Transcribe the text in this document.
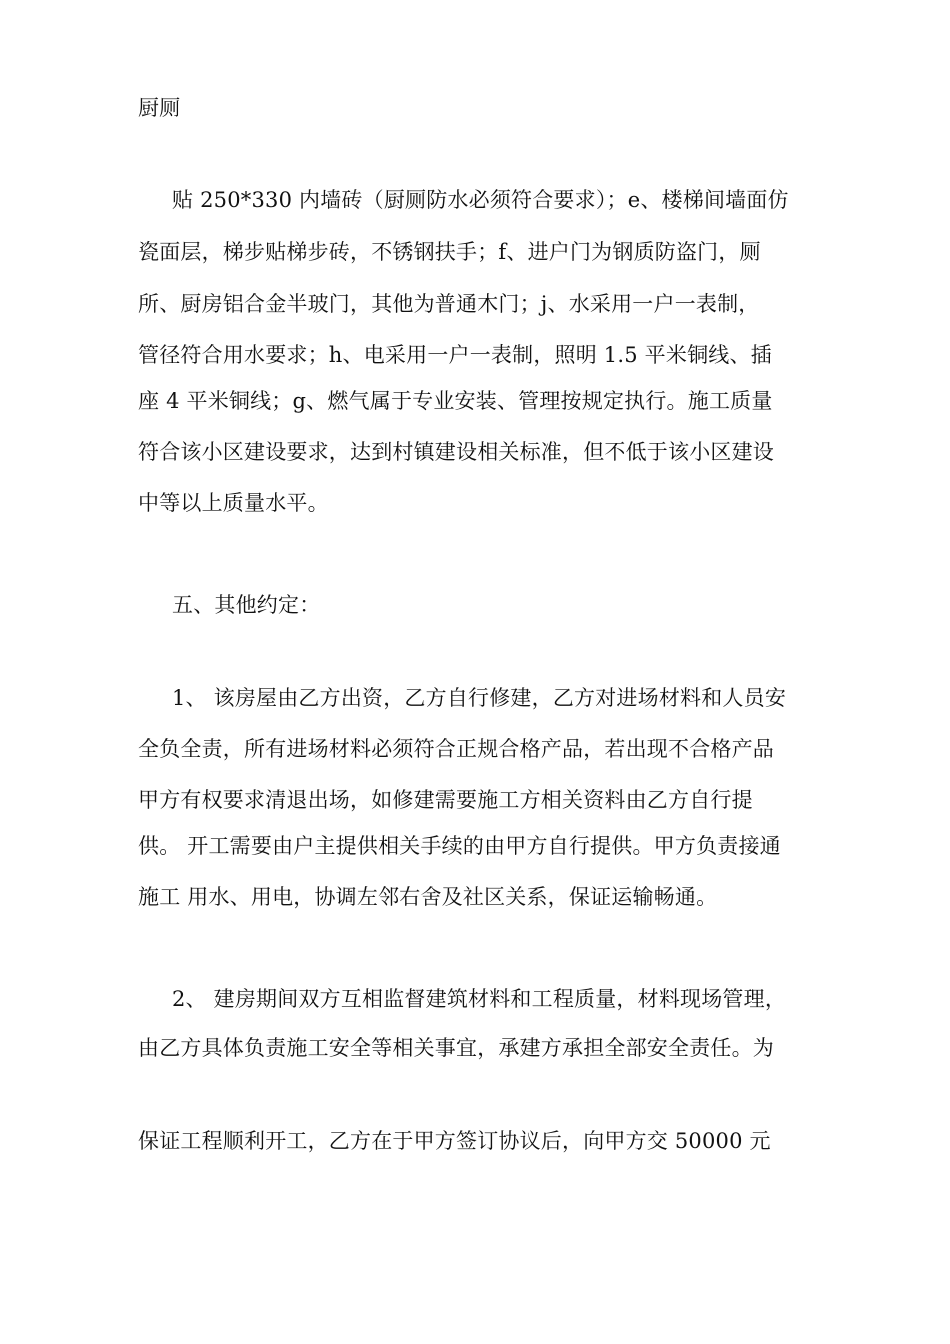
厨厕
贴 250*330 内墙砖（厨厕防水必须符合要求）；e、楼梯间墙面仿
瓷面层，梯步贴梯步砖，不锈钢扶手；f、进户门为钢质防盗门，厕
所、厨房铝合金半玻门，其他为普通木门；j、水采用一户一表制，
管径符合用水要求；h、电采用一户一表制，照明 1.5 平米铜线、插
座 4 平米铜线；g、燃气属于专业安装、管理按规定执行。施工质量
符合该小区建设要求，达到村镇建设相关标准，但不低于该小区建设
中等以上质量水平。
五、其他约定：
1、 该房屋由乙方出资，乙方自行修建，乙方对进场材料和人员安
全负全责，所有进场材料必须符合正规合格产品，若出现不合格产品
甲方有权要求清退出场，如修建需要施工方相关资料由乙方自行提
供。 开工需要由户主提供相关手续的由甲方自行提供。甲方负责接通
施工 用水、用电，协调左邻右舍及社区关系，保证运输畅通。
2、 建房期间双方互相监督建筑材料和工程质量，材料现场管理，
由乙方具体负责施工安全等相关事宜，承建方承担全部安全责任。为
保证工程顺利开工，乙方在于甲方签订协议后，向甲方交 50000 元
